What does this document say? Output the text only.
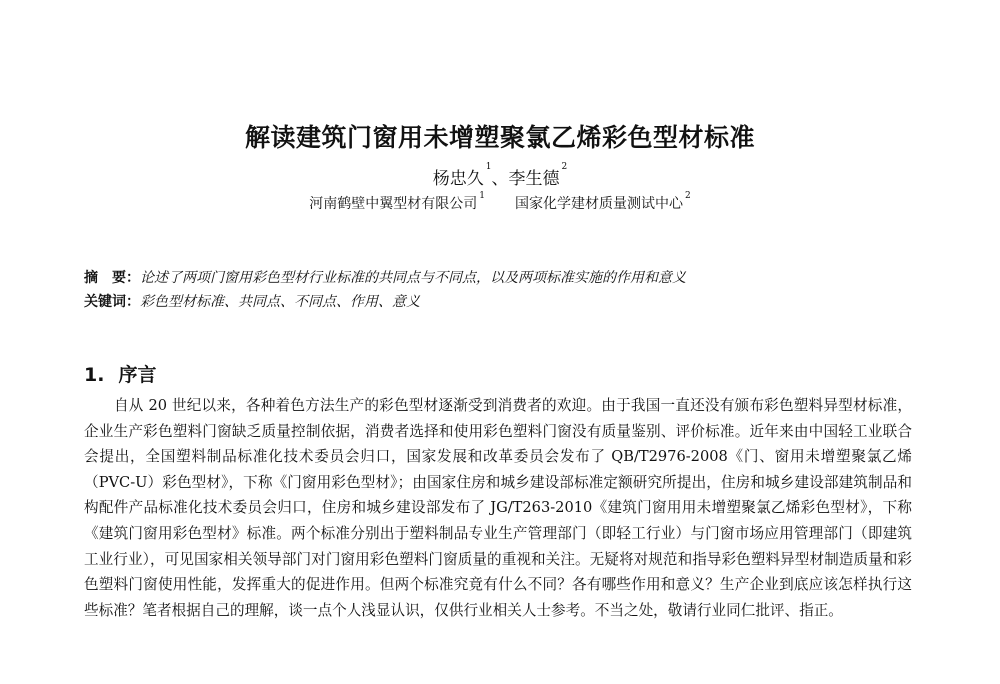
解读建筑门窗用未增塑聚氯乙烯彩色型材标准
杨忠久$^1$、李生德$^2$
河南鹤壁中翼型材有限公司 $^1$ 国家化学建材质量测试中心 $^2$
摘　要：论述了两项门窗用彩色型材行业标准的共同点与不同点，以及两项标准实施的作用和意义
关键词：彩色型材标准、共同点、不同点、作用、意义
1. 序言

自从 20 世纪以来，各种着色方法生产的彩色型材逐渐受到消费者的欢迎。由于我国一直还没有颁布彩色塑料异型材标准，企业生产彩色塑料门窗缺乏质量控制依据，消费者选择和使用彩色塑料门窗没有质量鉴别、评价标准。近年来由中国轻工业联合会提出，全国塑料制品标准化技术委员会归口，国家发展和改革委员会发布了 QB/T2976-2008《门、窗用未增塑聚氯乙烯（PVC-U）彩色型材》，下称《门窗用彩色型材》；由国家住房和城乡建设部标准定额研究所提出，住房和城乡建设部建筑制品和构配件产品标准化技术委员会归口，住房和城乡建设部发布了 JG/T263-2010《建筑门窗用用未增塑聚氯乙烯彩色型材》，下称《建筑门窗用彩色型材》标准。两个标准分别出于塑料制品专业生产管理部门（即轻工行业）与门窗市场应用管理部门（即建筑工业行业），可见国家相关领导部门对门窗用彩色塑料门窗质量的重视和关注。无疑将对规范和指导彩色塑料异型材制造质量和彩色塑料门窗使用性能，发挥重大的促进作用。但两个标准究竟有什么不同？各有哪些作用和意义？生产企业到底应该怎样执行这些标准？笔者根据自己的理解，谈一点个人浅显认识，仅供行业相关人士参考。不当之处，敬请行业同仁批评、指正。
